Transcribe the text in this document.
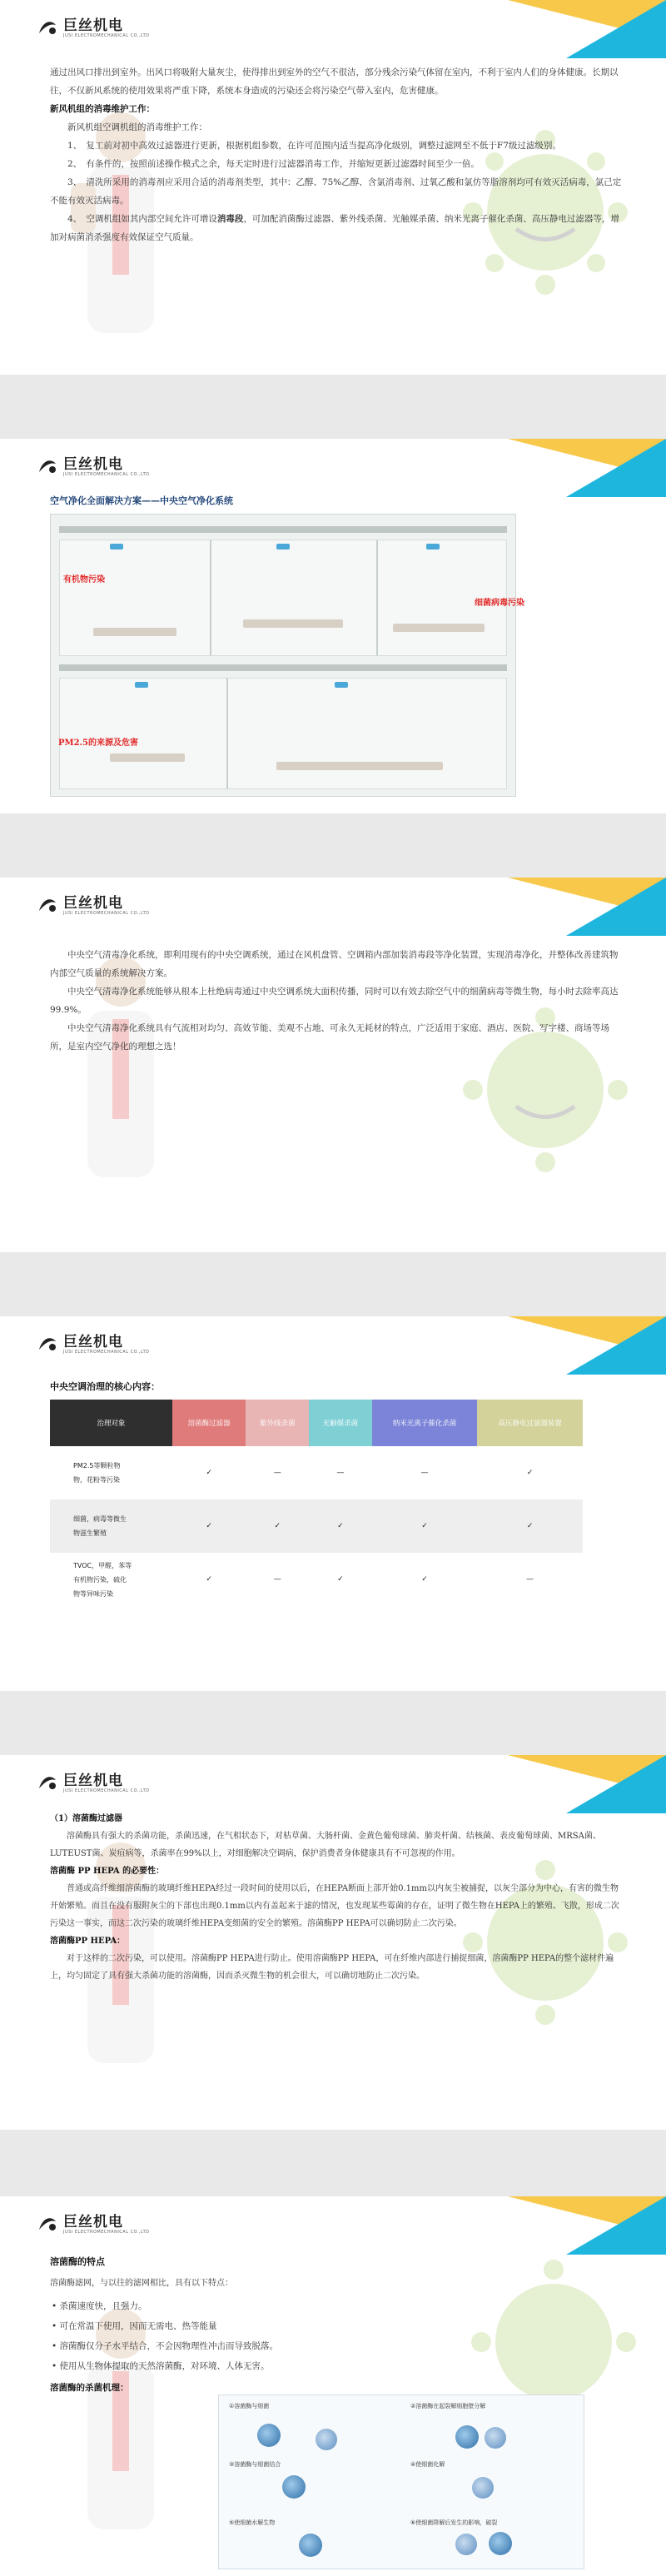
巨丝机电
JUSI ELECTROMECHANICAL CO.,LTD

通过出风口排出到室外。出风口将吸附大量灰尘，使得排出到室外的空气不很洁，部分残余污染气体留在室内，不利于室内人们的身体健康。长期以往，不仅新风系统的使用效果将严重下降，系统本身造成的污染还会将污染空气带入室内，危害健康。

新风机组的消毒维护工作：

新风机组空调机组的消毒维护工作：

1、　复工前对初中高效过滤器进行更新，根据机组参数，在许可范围内适当提高净化级别，调整过滤网至不低于F7级过滤级别。

2、　有条件的，按照前述操作模式之余，每天定时进行过滤器消毒工作，并缩短更新过滤器时间至少一倍。

3、　清洗所采用的消毒剂应采用合适的消毒剂类型，其中：乙醇、75%乙醇、含氯消毒剂、过氧乙酸和氯仿等脂溶剂均可有效灭活病毒，氯己定不能有效灭活病毒。

4、　空调机组如其内部空间允许可增设消毒段，可加配消菌酶过滤器、紫外线杀菌、光触媒杀菌、纳米光离子催化杀菌、高压静电过滤器等，增加对病菌消杀强度有效保证空气质量。

巨丝机电
JUSI ELECTROMECHANICAL CO.,LTD
空气净化全面解决方案——中央空气净化系统
有机物污染
细菌病毒污染
PM2.5的来源及危害
巨丝机电
JUSI ELECTROMECHANICAL CO.,LTD

中央空气清毒净化系统，即利用现有的中央空调系统，通过在风机盘管、空调箱内部加装消毒段等净化装置，实现消毒净化，并整体改善建筑物内部空气质量的系统解决方案。

中央空气清毒净化系统能够从根本上杜绝病毒通过中央空调系统大面积传播，同时可以有效去除空气中的细菌病毒等微生物，每小时去除率高达99.9%。

中央空气清毒净化系统具有气流相对均匀、高效节能、美观不占地、可永久无耗材的特点，广泛适用于家庭、酒店、医院、写字楼、商场等场所，是室内空气净化的理想之选！

巨丝机电
JUSI ELECTROMECHANICAL CO.,LTD
中央空调治理的核心内容：
治理对象	溶菌酶过滤器	紫外线杀菌	光触媒杀菌	纳米光离子催化杀菌	高压静电过滤器装置

PM2.5等颗粒物
物，花粉等污染	✓	—	—	—	✓

细菌，病毒等微生
物滋生繁殖	✓	✓	✓	✓	✓

TVOC，甲醛，苯等
有机物污染，硫化
物等异味污染	✓	—	✓	✓	—
巨丝机电
JUSI ELECTROMECHANICAL CO.,LTD

（1）溶菌酶过滤器

溶菌酶具有强大的杀菌功能，杀菌迅速，在气相状态下，对枯草菌、大肠杆菌、金黄色葡萄球菌、肺炎杆菌、结核菌、表皮葡萄球菌、MRSA菌、LUTEUST菌、炭疽病等，杀菌率在99%以上，对细胞解决空调病，保护消费者身体健康具有不可忽视的作用。

溶菌酶 PP HEPA 的必要性：

普通或高纤维细溶菌酶的玻璃纤维HEPA经过一段时间的使用以后，在HEPA断面上部开始0.1mm以内灰尘被捕捉，以灰尘部分为中心，有害的微生物开始繁殖。而且在没有服附灰尘的下部也出现0.1mm以内有盖起来于滤的情况，也发现某些霉菌的存在，证明了微生物在HEPA上的繁殖、飞散，形成二次污染这一事实，而这二次污染的玻璃纤维HEPA变细菌的安全的繁殖。溶菌酶PP HEPA可以确切防止二次污染。

溶菌酶PP HEPA：

对于这样的二次污染，可以使用。溶菌酶PP HEPA进行防止。使用溶菌酶PP HEPA，可在纤维内部进行捕捉细菌，溶菌酶PP HEPA的整个滤材件遍上，均匀固定了具有强大杀菌功能的溶菌酶，因而杀灭微生物的机会很大，可以确切地防止二次污染。

巨丝机电
JUSI ELECTROMECHANICAL CO.,LTD
溶菌酶的特点
溶菌酶滤网，与以往的滤网相比，具有以下特点：
• 杀菌速度快，且强力。
• 可在常温下使用，因而无需电、热等能量
• 溶菌酶仅分子水平结合，不会因物理性冲击而导致脱落。
• 使用从生物体提取的天然溶菌酶，对环境、人体无害。
溶菌酶的杀菌机理：
①溶菌酶与细菌	②溶菌酶在起裂解细胞壁分解
③溶菌酶与细菌结合	④使细菌化解
⑤使细菌水解生物	⑥使细菌降解后发生的影响，破裂
